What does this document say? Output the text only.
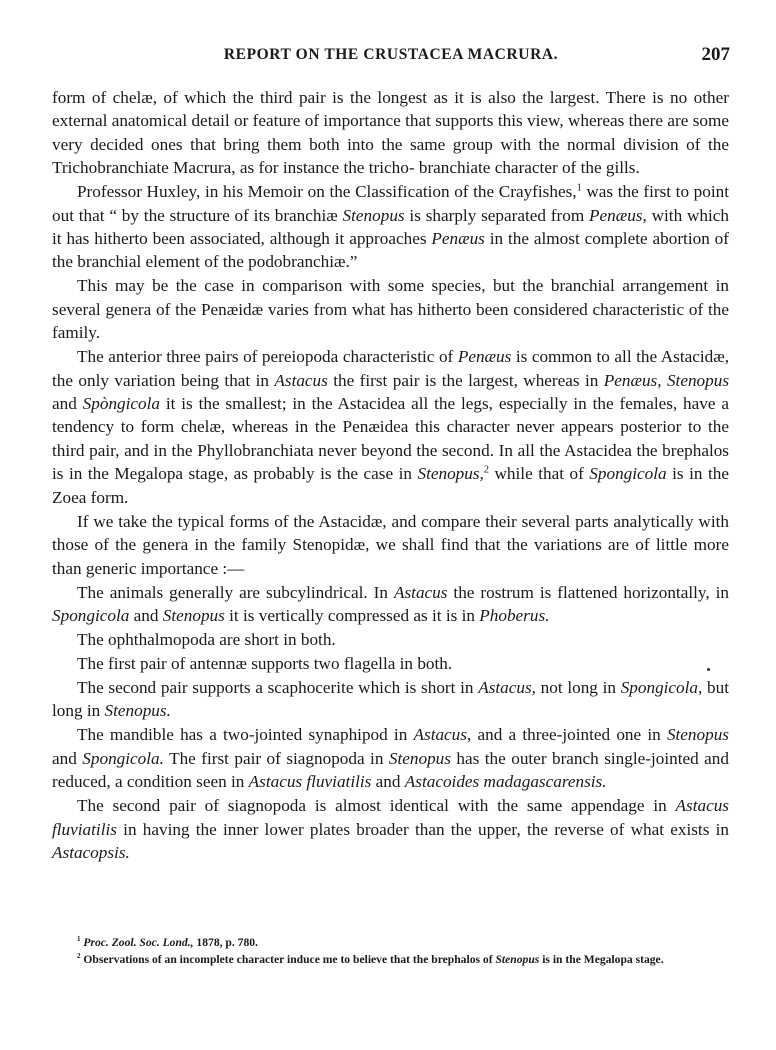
REPORT ON THE CRUSTACEA MACRURA.	207

form of chelæ, of which the third pair is the longest as it is also the largest. There is no other external anatomical detail or feature of importance that supports this view, whereas there are some very decided ones that bring them both into the same group with the normal division of the Trichobranchiate Macrura, as for instance the tricho- branchiate character of the gills.

Professor Huxley, in his Memoir on the Classification of the Crayfishes,$^1$ was the first to point out that “ by the structure of its branchiæ Stenopus is sharply separated from Penæus, with which it has hitherto been associated, although it approaches Penæus in the almost complete abortion of the branchial element of the podobranchiæ.”

This may be the case in comparison with some species, but the branchial arrangement in several genera of the Penæidæ varies from what has hitherto been considered characteristic of the family.

The anterior three pairs of pereiopoda characteristic of Penæus is common to all the Astacidæ, the only variation being that in Astacus the first pair is the largest, whereas in Penæus, Stenopus and Spòngicola it is the smallest; in the Astacidea all the legs, especially in the females, have a tendency to form chelæ, whereas in the Penæidea this character never appears posterior to the third pair, and in the Phyllobranchiata never beyond the second. In all the Astacidea the brephalos is in the Megalopa stage, as probably is the case in Stenopus,$^2$ while that of Spongicola is in the Zoea form.

If we take the typical forms of the Astacidæ, and compare their several parts analytically with those of the genera in the family Stenopidæ, we shall find that the variations are of little more than generic importance :—

The animals generally are subcylindrical. In Astacus the rostrum is flattened horizontally, in Spongicola and Stenopus it is vertically compressed as it is in Phoberus.

The ophthalmopoda are short in both.

The first pair of antennæ supports two flagella in both.

The second pair supports a scaphocerite which is short in Astacus, not long in Spongicola, but long in Stenopus.

The mandible has a two-jointed synaphipod in Astacus, and a three-jointed one in Stenopus and Spongicola. The first pair of siagnopoda in Stenopus has the outer branch single-jointed and reduced, a condition seen in Astacus fluviatilis and Astacoides madagascarensis.

The second pair of siagnopoda is almost identical with the same appendage in Astacus fluviatilis in having the inner lower plates broader than the upper, the reverse of what exists in Astacopsis.

$^1$ Proc. Zool. Soc. Lond., 1878, p. 780.

$^2$ Observations of an incomplete character induce me to believe that the brephalos of Stenopus is in the Megalopa stage.
